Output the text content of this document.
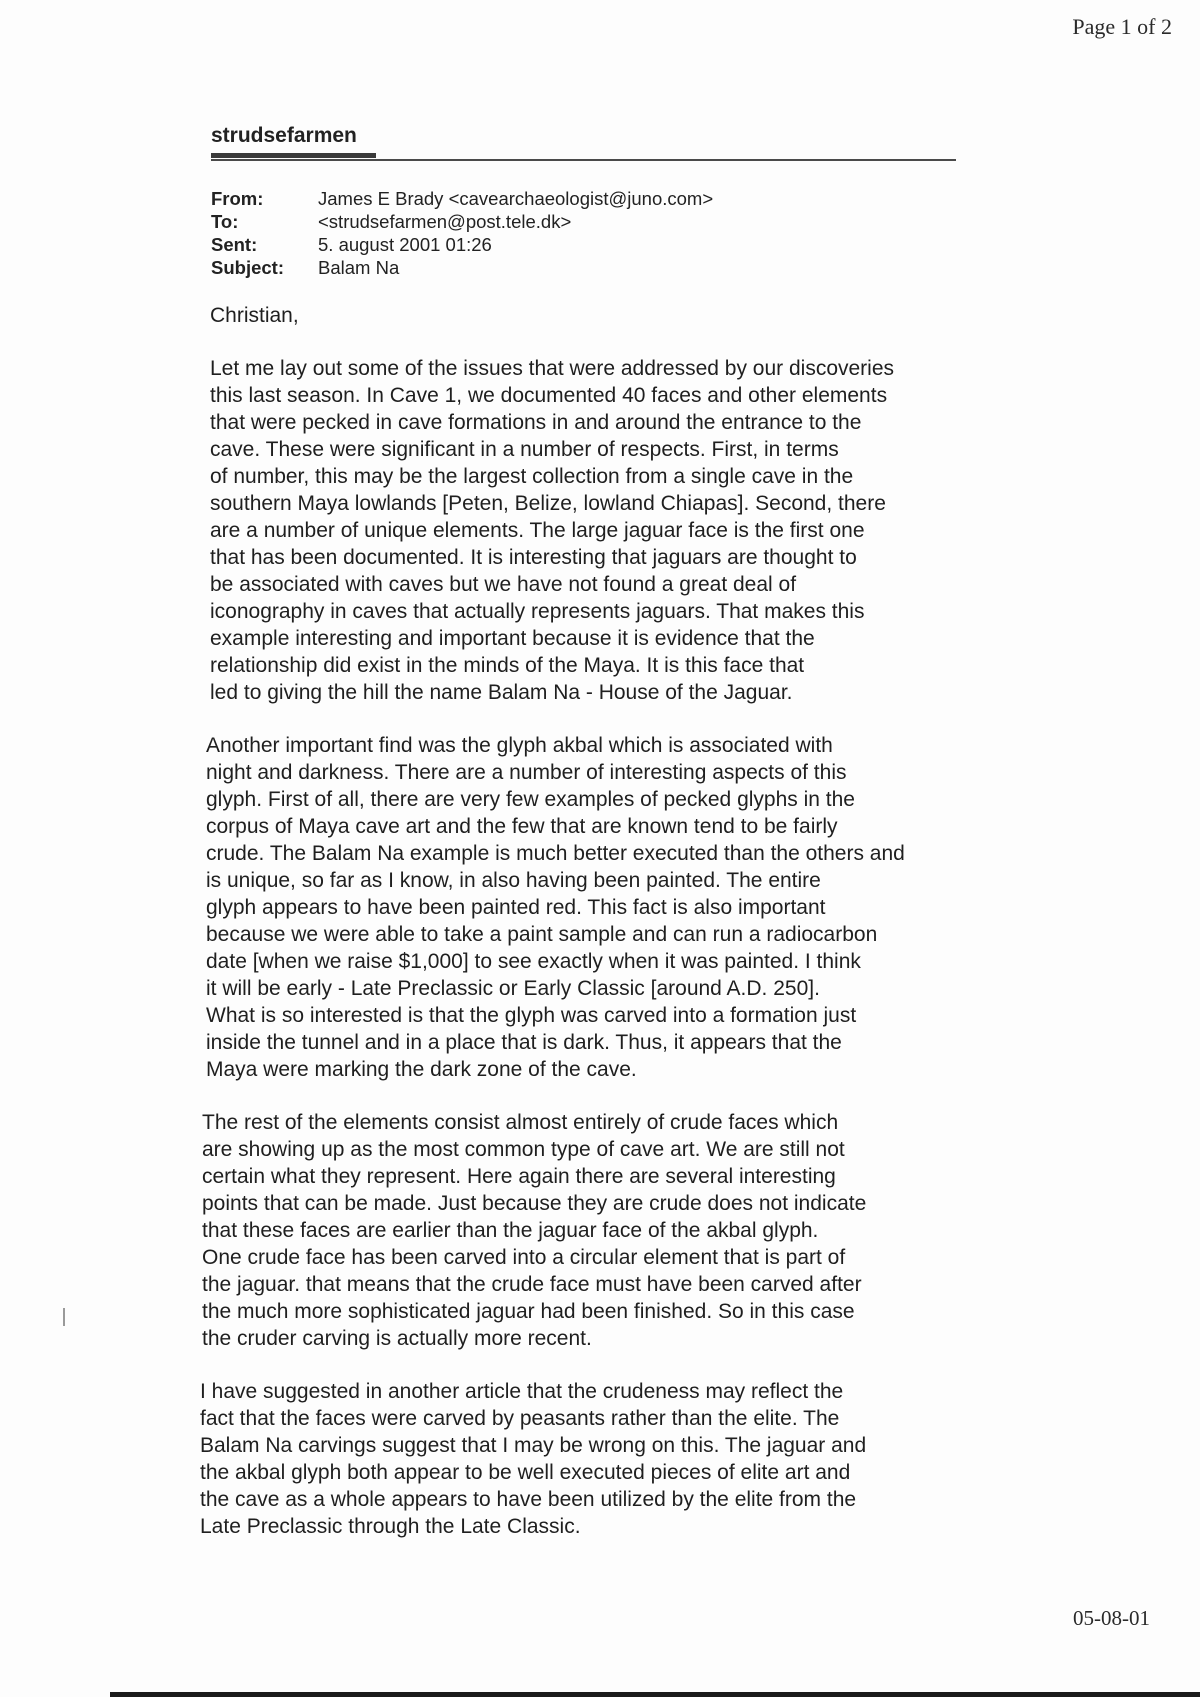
Page 1 of 2
strudsefarmen
From:	James E Brady <cavearchaeologist@juno.com>
To:	<strudsefarmen@post.tele.dk>
Sent:	5. august 2001 01:26
Subject:	Balam Na
Christian,
Let me lay out some of the issues that were addressed by our discoveries
this last season. In Cave 1, we documented 40 faces and other elements
that were pecked in cave formations in and around the entrance to the
cave. These were significant in a number of respects. First, in terms
of number, this may be the largest collection from a single cave in the
southern Maya lowlands [Peten, Belize, lowland Chiapas]. Second, there
are a number of unique elements. The large jaguar face is the first one
that has been documented. It is interesting that jaguars are thought to
be associated with caves but we have not found a great deal of
iconography in caves that actually represents jaguars. That makes this
example interesting and important because it is evidence that the
relationship did exist in the minds of the Maya. It is this face that
led to giving the hill the name Balam Na - House of the Jaguar.
Another important find was the glyph akbal which is associated with
night and darkness. There are a number of interesting aspects of this
glyph. First of all, there are very few examples of pecked glyphs in the
corpus of Maya cave art and the few that are known tend to be fairly
crude. The Balam Na example is much better executed than the others and
is unique, so far as I know, in also having been painted. The entire
glyph appears to have been painted red. This fact is also important
because we were able to take a paint sample and can run a radiocarbon
date [when we raise $1,000] to see exactly when it was painted. I think
it will be early - Late Preclassic or Early Classic [around A.D. 250].
What is so interested is that the glyph was carved into a formation just
inside the tunnel and in a place that is dark. Thus, it appears that the
Maya were marking the dark zone of the cave.
The rest of the elements consist almost entirely of crude faces which
are showing up as the most common type of cave art. We are still not
certain what they represent. Here again there are several interesting
points that can be made. Just because they are crude does not indicate
that these faces are earlier than the jaguar face of the akbal glyph.
One crude face has been carved into a circular element that is part of
the jaguar. that means that the crude face must have been carved after
the much more sophisticated jaguar had been finished. So in this case
the cruder carving is actually more recent.
I have suggested in another article that the crudeness may reflect the
fact that the faces were carved by peasants rather than the elite. The
Balam Na carvings suggest that I may be wrong on this. The jaguar and
the akbal glyph both appear to be well executed pieces of elite art and
the cave as a whole appears to have been utilized by the elite from the
Late Preclassic through the Late Classic.
05-08-01
